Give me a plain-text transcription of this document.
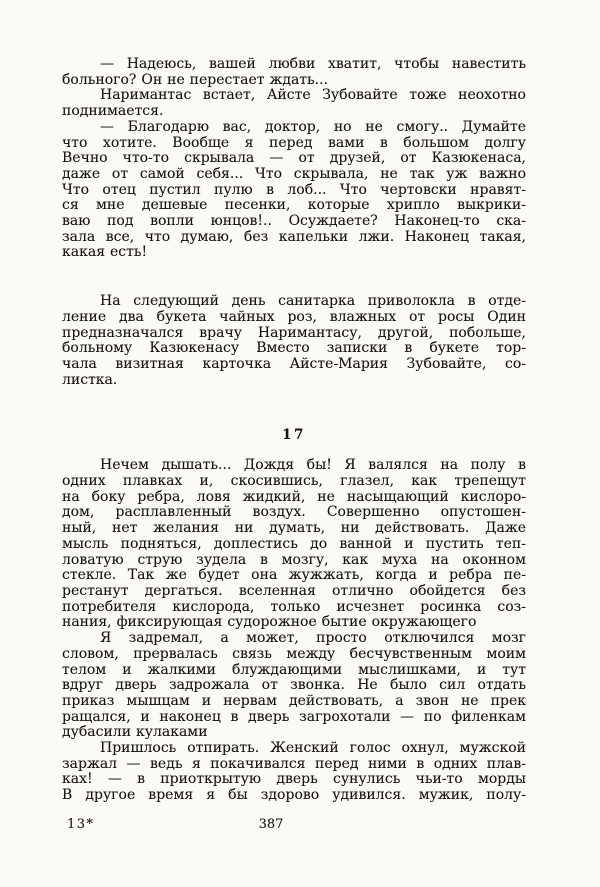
— Надеюсь, вашей любви хватит, чтобы навестить
больного? Он не перестает ждать...
Наримантас встает, Айсте Зубовайте тоже неохотно
поднимается.
— Благодарю вас, доктор, но не смогу.. Думайте
что хотите. Вообще я перед вами в большом долгу
Вечно что-то скрывала — от друзей, от Казюкенаса,
даже от самой себя... Что скрывала, не так уж важно
Что отец пустил пулю в лоб... Что чертовски нравят-
ся мне дешевые песенки, которые хрипло выкрики-
ваю под вопли юнцов!.. Осуждаете? Наконец-то ска-
зала все, что думаю, без капельки лжи. Наконец такая,
какая есть!
На следующий день санитарка приволокла в отде-
ление два букета чайных роз, влажных от росы Один
предназначался врачу Наримантасу, другой, побольше,
больному Казюкенасу Вместо записки в букете тор-
чала визитная карточка Айсте-Мария Зубовайте, со-
листка.
17
Нечем дышать... Дождя бы! Я валялся на полу в
одних плавках и, скосившись, глазел, как трепещут
на боку ребра, ловя жидкий, не насыщающий кислоро-
дом, расплавленный воздух. Совершенно опустошен-
ный, нет желания ни думать, ни действовать. Даже
мысль подняться, доплестись до ванной и пустить теп-
ловатую струю зудела в мозгу, как муха на оконном
стекле. Так же будет она жужжать, когда и ребра пе-
рестанут дергаться. вселенная отлично обойдется без
потребителя кислорода, только исчезнет росинка соз-
нания, фиксирующая судорожное бытие окружающего
Я задремал, а может, просто отключился мозг
словом, прервалась связь между бесчувственным моим
телом и жалкими блуждающими мыслишками, и тут
вдруг дверь задрожала от звонка. Не было сил отдать
приказ мышцам и нервам действовать, а звон не прек
ращался, и наконец в дверь загрохотали — по филенкам
дубасили кулаками
Пришлось отпирать. Женский голос охнул, мужской
заржал — ведь я покачивался перед ними в одних плав-
ках! — в приоткрытую дверь сунулись чьи-то морды
В другое время я бы здорово удивился. мужик, полу-
13*	387
